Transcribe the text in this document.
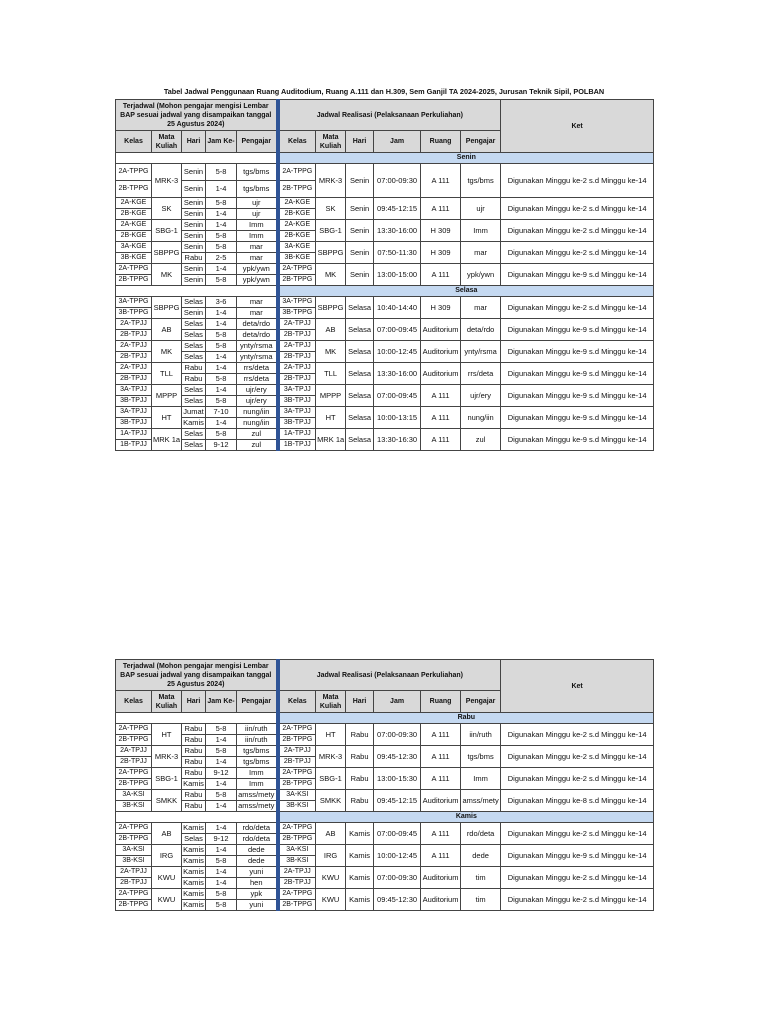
Tabel Jadwal Penggunaan Ruang Auditodium, Ruang A.111 dan H.309, Sem Ganjil TA 2024-2025, Jurusan Teknik Sipil, POLBAN
Terjadwal (Mohon pengajar mengisi Lembar BAP sesuai jadwal yang disampaikan tanggal 25 Agustus 2024)					Jadwal Realisasi (Pelaksanaan Perkuliahan)						Ket
Kelas	Mata Kuliah	Hari	Jam Ke-	Pengajar	Kelas	Mata Kuliah	Hari	Jam	Ruang	Pengajar	
					Senin						
2A-TPPG	MRK-3	Senin	5-8	tgs/bms	2A-TPPG	MRK-3	Senin	07:00-09:30	A 111	tgs/bms	Digunakan Minggu ke-2 s.d Minggu ke-14
2B-TPPG		Senin	1-4	tgs/bms	2B-TPPG						
2A-KGE	SK	Senin	5-8	ujr	2A-KGE	SK	Senin	09:45-12:15	A 111	ujr	Digunakan Minggu ke-2 s.d Minggu ke-14
2B-KGE		Senin	1-4	ujr	2B-KGE						
2A-KGE	SBG-1	Senin	1-4	Imm	2A-KGE	SBG-1	Senin	13:30-16:00	H 309	Imm	Digunakan Minggu ke-2 s.d Minggu ke-14
2B-KGE		Senin	5-8	Imm	2B-KGE						
3A-KGE	SBPPG	Senin	5-8	mar	3A-KGE	SBPPG	Senin	07:50-11:30	H 309	mar	Digunakan Minggu ke-2 s.d Minggu ke-14
3B-KGE		Rabu	2-5	mar	3B-KGE						
2A-TPPG	MK	Senin	1-4	ypk/ywn	2A-TPPG	MK	Senin	13:00-15:00	A 111	ypk/ywn	Digunakan Minggu ke-9 s.d Minggu ke-14
2B-TPPG		Senin	5-8	ypk/ywn	2B-TPPG						
					Selasa						
3A-TPPG	SBPPG	Selas	3-6	mar	3A-TPPG	SBPPG	Selasa	10:40-14:40	H 309	mar	Digunakan Minggu ke-2 s.d Minggu ke-14
3B-TPPG		Senin	1-4	mar	3B-TPPG						
2A-TPJJ	AB	Selas	1-4	deta/rdo	2A-TPJJ	AB	Selasa	07:00-09:45	Auditorium	deta/rdo	Digunakan Minggu ke-9 s.d Minggu ke-14
2B-TPJJ		Selas	5-8	deta/rdo	2B-TPJJ						
2A-TPJJ	MK	Selas	5-8	ynty/rsma	2A-TPJJ	MK	Selasa	10:00-12:45	Auditorium	ynty/rsma	Digunakan Minggu ke-9 s.d Minggu ke-14
2B-TPJJ		Selas	1-4	ynty/rsma	2B-TPJJ						
2A-TPJJ	TLL	Rabu	1-4	rrs/deta	2A-TPJJ	TLL	Selasa	13:30-16:00	Auditorium	rrs/deta	Digunakan Minggu ke-9 s.d Minggu ke-14
2B-TPJJ		Rabu	5-8	rrs/deta	2B-TPJJ						
3A-TPJJ	MPPP	Selas	1-4	ujr/ery	3A-TPJJ	MPPP	Selasa	07:00-09:45	A 111	ujr/ery	Digunakan Minggu ke-9 s.d Minggu ke-14
3B-TPJJ		Selas	5-8	ujr/ery	3B-TPJJ						
3A-TPJJ	HT	Jumat	7-10	nung/iin	3A-TPJJ	HT	Selasa	10:00-13:15	A 111	nung/iin	Digunakan Minggu ke-9 s.d Minggu ke-14
3B-TPJJ		Kamis	1-4	nung/iin	3B-TPJJ						
1A-TPJJ	MRK 1a	Selas	5-8	zul	1A-TPJJ	MRK 1a	Selasa	13:30-16:30	A 111	zul	Digunakan Minggu ke-9 s.d Minggu ke-14
1B-TPJJ		Selas	9-12	zul	1B-TPJJ						
Terjadwal (Mohon pengajar mengisi Lembar BAP sesuai jadwal yang disampaikan tanggal 25 Agustus 2024)					Jadwal Realisasi (Pelaksanaan Perkuliahan)						Ket
Kelas	Mata Kuliah	Hari	Jam Ke-	Pengajar	Kelas	Mata Kuliah	Hari	Jam	Ruang	Pengajar	
					Rabu						
2A-TPPG	HT	Rabu	5-8	iin/ruth	2A-TPPG	HT	Rabu	07:00-09:30	A 111	iin/ruth	Digunakan Minggu ke-2 s.d Minggu ke-14
2B-TPPG		Rabu	1-4	iin/ruth	2B-TPPG						
2A-TPJJ	MRK-3	Rabu	5-8	tgs/bms	2A-TPJJ	MRK-3	Rabu	09:45-12:30	A 111	tgs/bms	Digunakan Minggu ke-2 s.d Minggu ke-14
2B-TPJJ		Rabu	1-4	tgs/bms	2B-TPJJ						
2A-TPPG	SBG-1	Rabu	9-12	Imm	2A-TPPG	SBG-1	Rabu	13:00-15:30	A 111	Imm	Digunakan Minggu ke-2 s.d Minggu ke-14
2B-TPPG		Kamis	1-4	Imm	2B-TPPG						
3A-KSI	SMKK	Rabu	5-8	amss/mety	3A-KSI	SMKK	Rabu	09:45-12:15	Auditorium	amss/mety	Digunakan Minggu ke-8 s.d Minggu ke-14
3B-KSI		Rabu	1-4	amss/mety	3B-KSI						
					Kamis						
2A-TPPG	AB	Kamis	1-4	rdo/deta	2A-TPPG	AB	Kamis	07:00-09:45	A 111	rdo/deta	Digunakan Minggu ke-2 s.d Minggu ke-14
2B-TPPG		Selas	9-12	rdo/deta	2B-TPPG						
3A-KSI	IRG	Kamis	1-4	dede	3A-KSI	IRG	Kamis	10:00-12:45	A 111	dede	Digunakan Minggu ke-9 s.d Minggu ke-14
3B-KSI		Kamis	5-8	dede	3B-KSI						
2A-TPJJ	KWU	Kamis	1-4	yuni	2A-TPJJ	KWU	Kamis	07:00-09:30	Auditorium	tim	Digunakan Minggu ke-2 s.d Minggu ke-14
2B-TPJJ		Kamis	1-4	hen	2B-TPJJ						
2A-TPPG	KWU	Kamis	5-8	ypk	2A-TPPG	KWU	Kamis	09:45-12:30	Auditorium	tim	Digunakan Minggu ke-2 s.d Minggu ke-14
2B-TPPG		Kamis	5-8	yuni	2B-TPPG						
